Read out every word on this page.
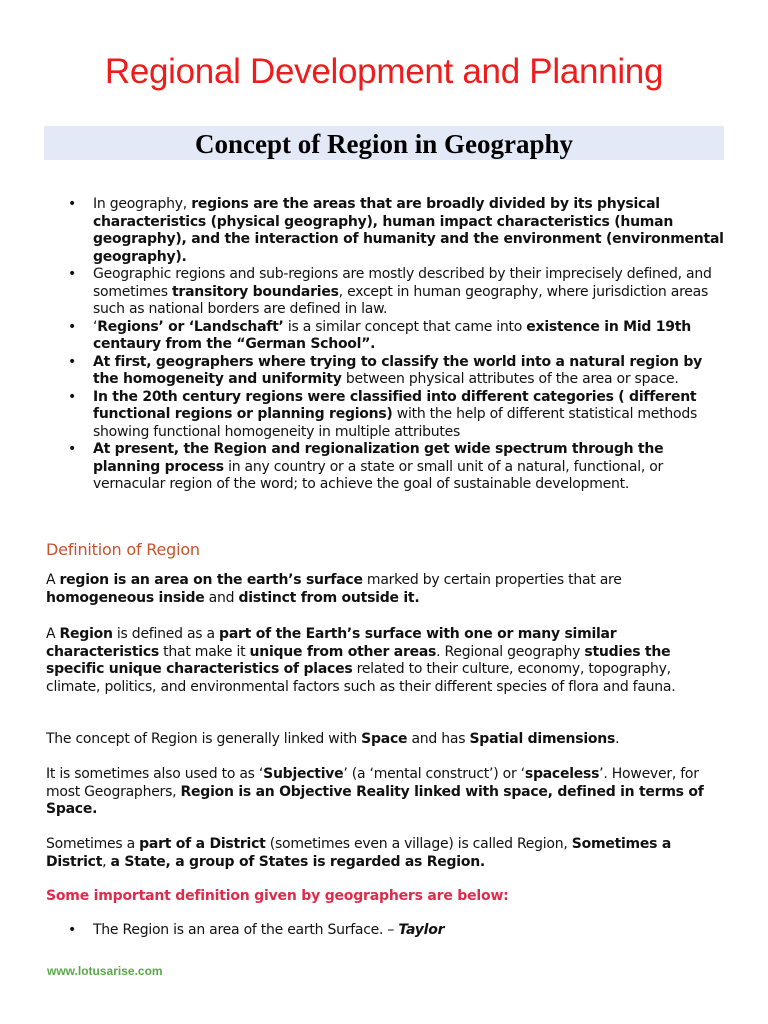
Regional Development and Planning
Concept of Region in Geography
• In geography, regions are the areas that are broadly divided by its physical characteristics (physical geography), human impact characteristics (human geography), and the interaction of humanity and the environment (environmental geography).
• Geographic regions and sub-regions are mostly described by their imprecisely defined, and sometimes transitory boundaries, except in human geography, where jurisdiction areas such as national borders are defined in law.
• ‘Regions’ or ‘Landschaft’ is a similar concept that came into existence in Mid 19th centaury from the “German School”.
• At first, geographers where trying to classify the world into a natural region by the homogeneity and uniformity between physical attributes of the area or space.
• In the 20th century regions were classified into different categories ( different functional regions or planning regions) with the help of different statistical methods showing functional homogeneity in multiple attributes
• At present, the Region and regionalization get wide spectrum through the planning process in any country or a state or small unit of a natural, functional, or vernacular region of the word; to achieve the goal of sustainable development.
Definition of Region

A region is an area on the earth’s surface marked by certain properties that are homogeneous inside and distinct from outside it.

A Region is defined as a part of the Earth’s surface with one or many similar characteristics that make it unique from other areas. Regional geography studies the specific unique characteristics of places related to their culture, economy, topography, climate, politics, and environmental factors such as their different species of flora and fauna.

The concept of Region is generally linked with Space and has Spatial dimensions.

It is sometimes also used to as ‘Subjective’ (a ‘mental construct’) or ‘spaceless’. However, for most Geographers, Region is an Objective Reality linked with space, defined in terms of Space.

Sometimes a part of a District (sometimes even a village) is called Region, Sometimes a District, a State, a group of States is regarded as Region.

Some important definition given by geographers are below:

• The Region is an area of the earth Surface. – Taylor

www.lotusarise.com
